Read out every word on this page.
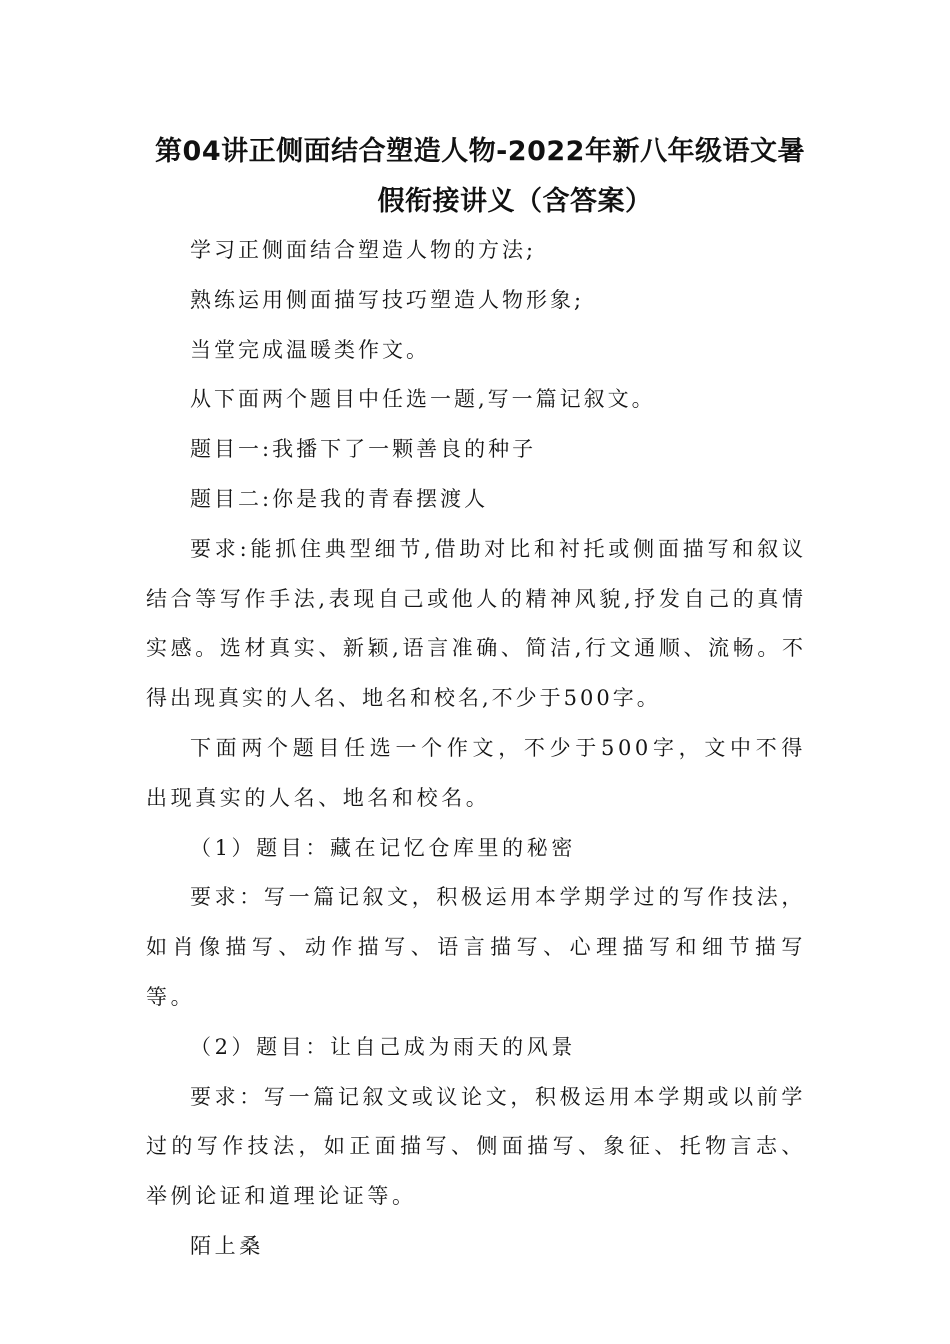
第04讲正侧面结合塑造人物-2022年新八年级语文暑
假衔接讲义（含答案）

学习正侧面结合塑造人物的方法;

熟练运用侧面描写技巧塑造人物形象;

当堂完成温暖类作文。

从下面两个题目中任选一题,写一篇记叙文。

题目一:我播下了一颗善良的种子

题目二:你是我的青春摆渡人

要求:能抓住典型细节,借助对比和衬托或侧面描写和叙议结合等写作手法,表现自己或他人的精神风貌,抒发自己的真情实感。选材真实、新颖,语言准确、简洁,行文通顺、流畅。不得出现真实的人名、地名和校名,不少于500字。

下面两个题目任选一个作文，不少于500字，文中不得出现真实的人名、地名和校名。

（1）题目：藏在记忆仓库里的秘密

要求：写一篇记叙文，积极运用本学期学过的写作技法，如肖像描写、动作描写、语言描写、心理描写和细节描写等。

（2）题目：让自己成为雨天的风景

要求：写一篇记叙文或议论文，积极运用本学期或以前学过的写作技法，如正面描写、侧面描写、象征、托物言志、举例论证和道理论证等。

陌上桑
